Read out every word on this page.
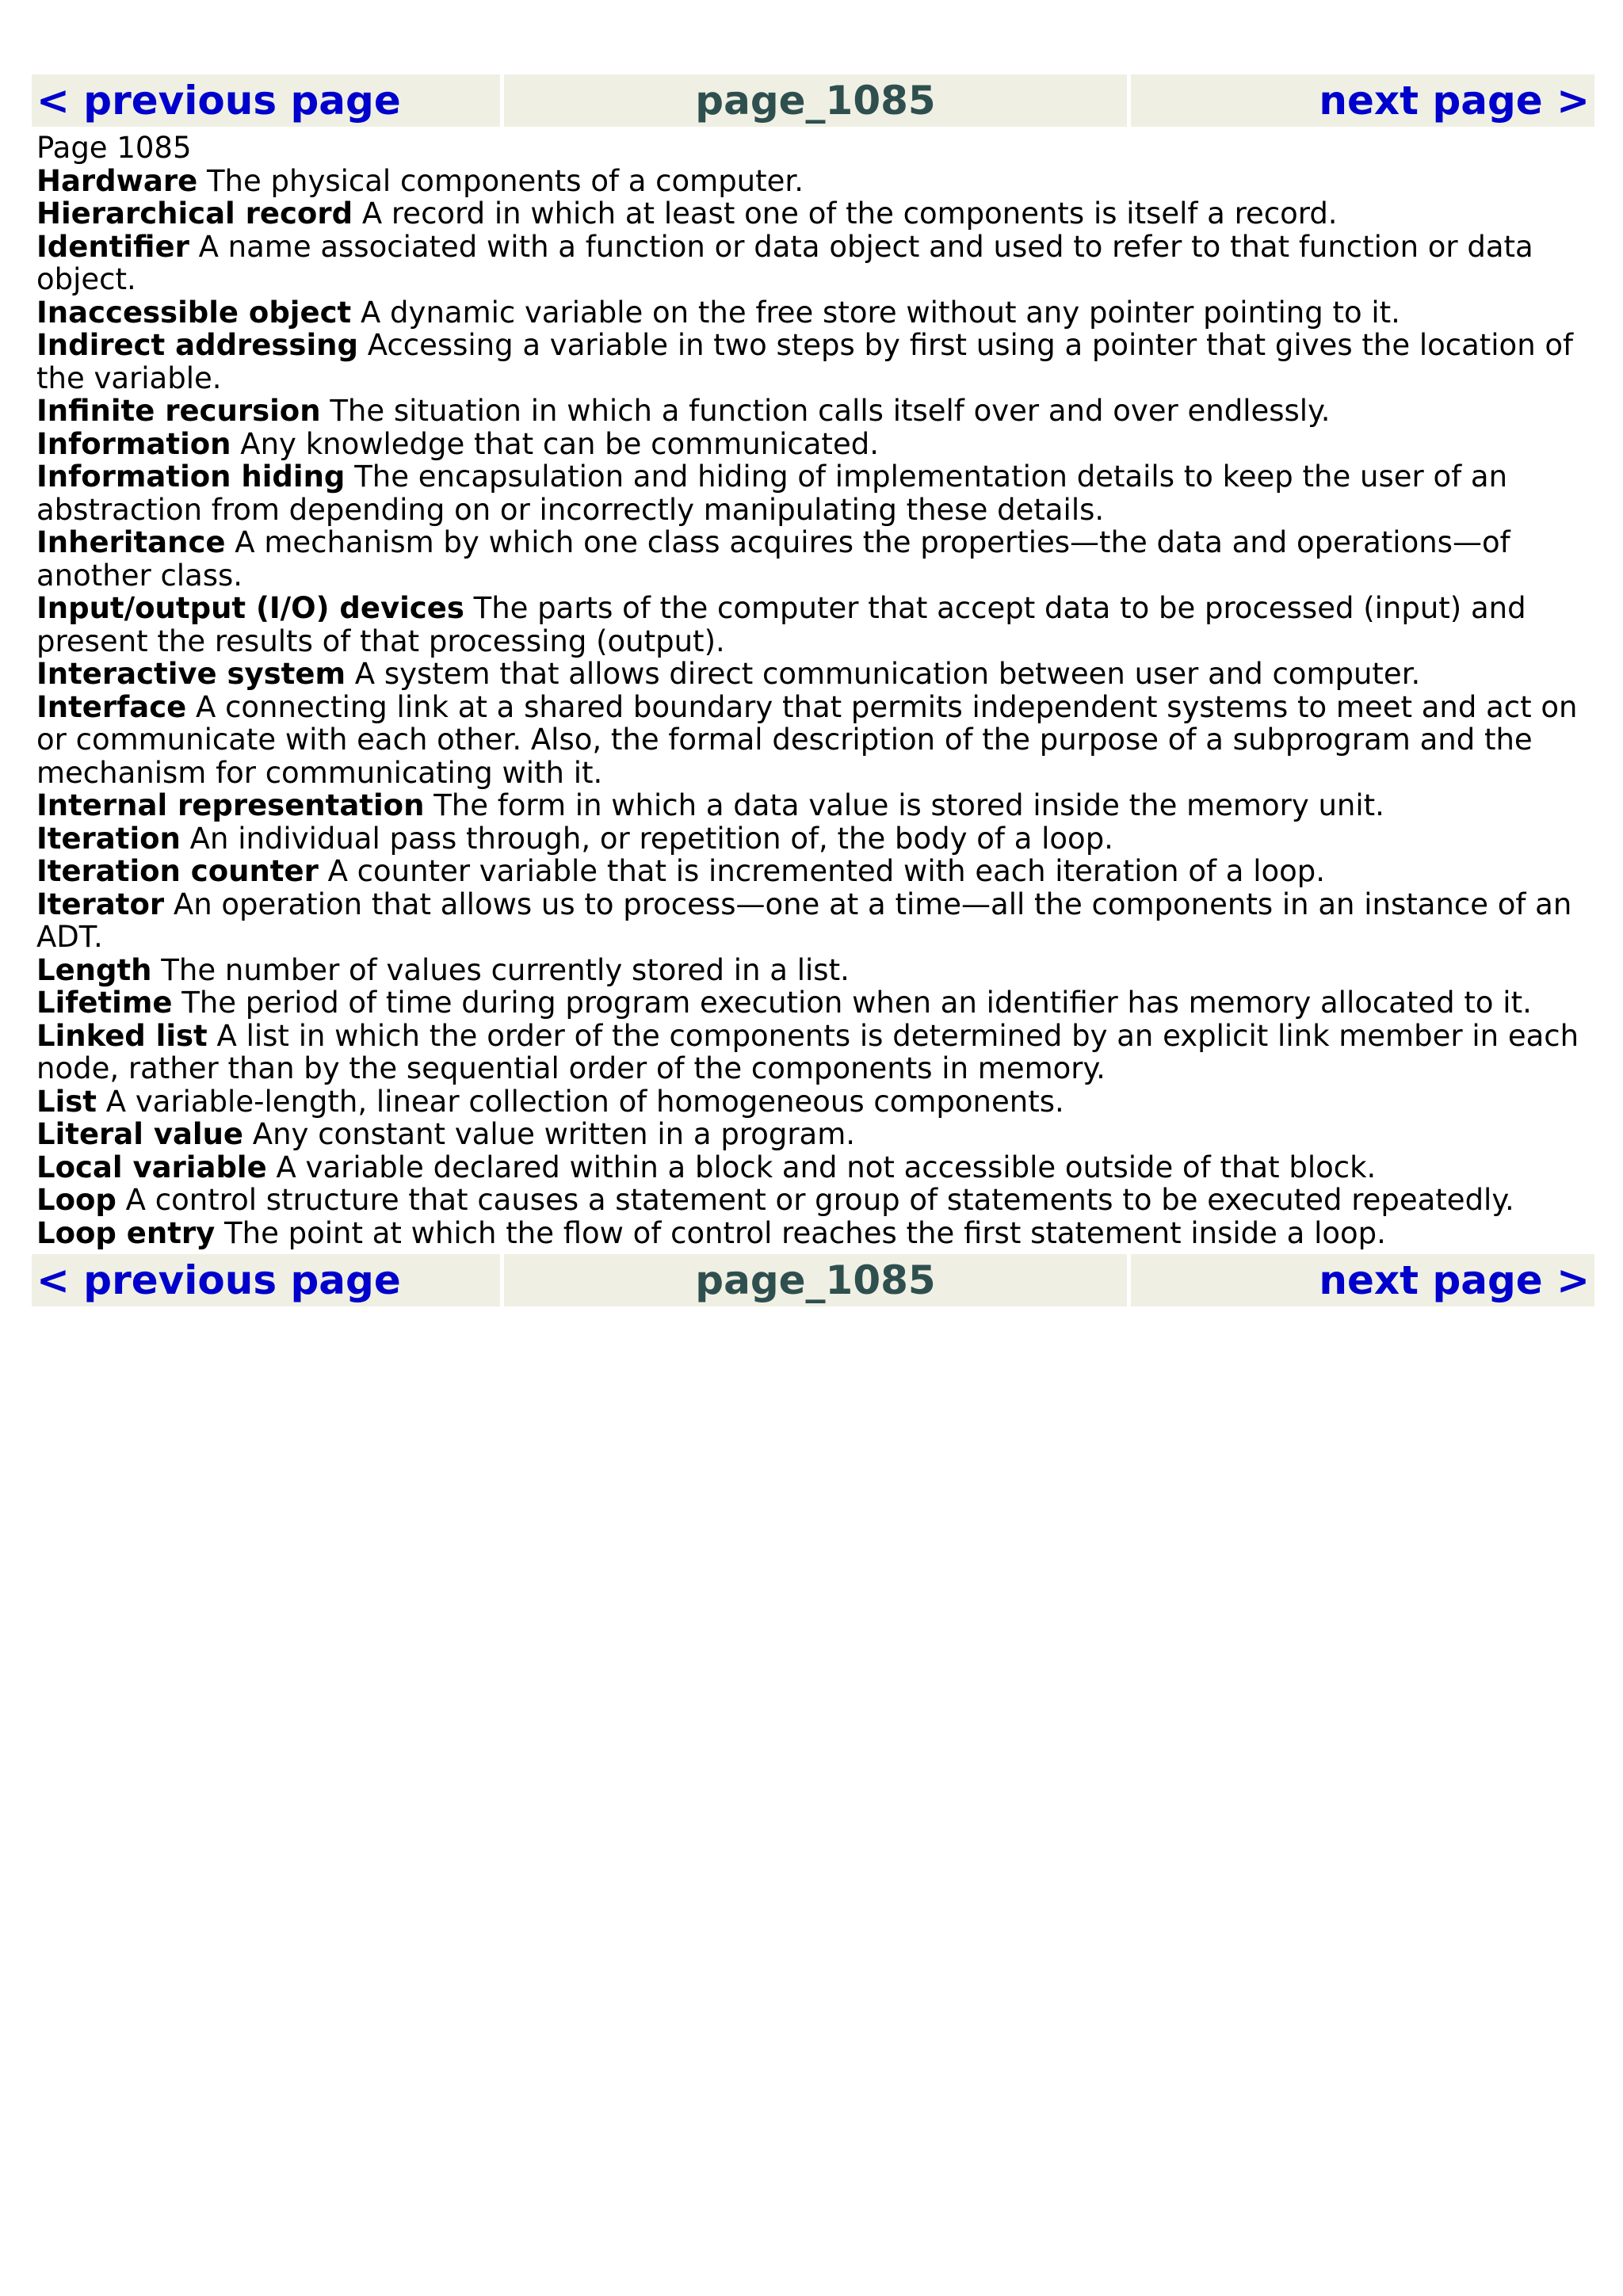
< previous page	page_1085	next page >

Page 1085

Hardware The physical components of a computer.

Hierarchical record A record in which at least one of the components is itself a record.

Identifier A name associated with a function or data object and used to refer to that function or data object.

Inaccessible object A dynamic variable on the free store without any pointer pointing to it.

Indirect addressing Accessing a variable in two steps by first using a pointer that gives the location of the variable.

Infinite recursion The situation in which a function calls itself over and over endlessly.

Information Any knowledge that can be communicated.

Information hiding The encapsulation and hiding of implementation details to keep the user of an abstraction from depending on or incorrectly manipulating these details.

Inheritance A mechanism by which one class acquires the properties—the data and operations—of another class.

Input/output (I/O) devices The parts of the computer that accept data to be processed (input) and present the results of that processing (output).

Interactive system A system that allows direct communication between user and computer.

Interface A connecting link at a shared boundary that permits independent systems to meet and act on or communicate with each other. Also, the formal description of the purpose of a subprogram and the mechanism for communicating with it.

Internal representation The form in which a data value is stored inside the memory unit.

Iteration An individual pass through, or repetition of, the body of a loop.

Iteration counter A counter variable that is incremented with each iteration of a loop.

Iterator An operation that allows us to process—one at a time—all the components in an instance of an ADT.

Length The number of values currently stored in a list.

Lifetime The period of time during program execution when an identifier has memory allocated to it.

Linked list A list in which the order of the components is determined by an explicit link member in each node, rather than by the sequential order of the components in memory.

List A variable-length, linear collection of homogeneous components.

Literal value Any constant value written in a program.

Local variable A variable declared within a block and not accessible outside of that block.

Loop A control structure that causes a statement or group of statements to be executed repeatedly.

Loop entry The point at which the flow of control reaches the first statement inside a loop.

< previous page	page_1085	next page >
